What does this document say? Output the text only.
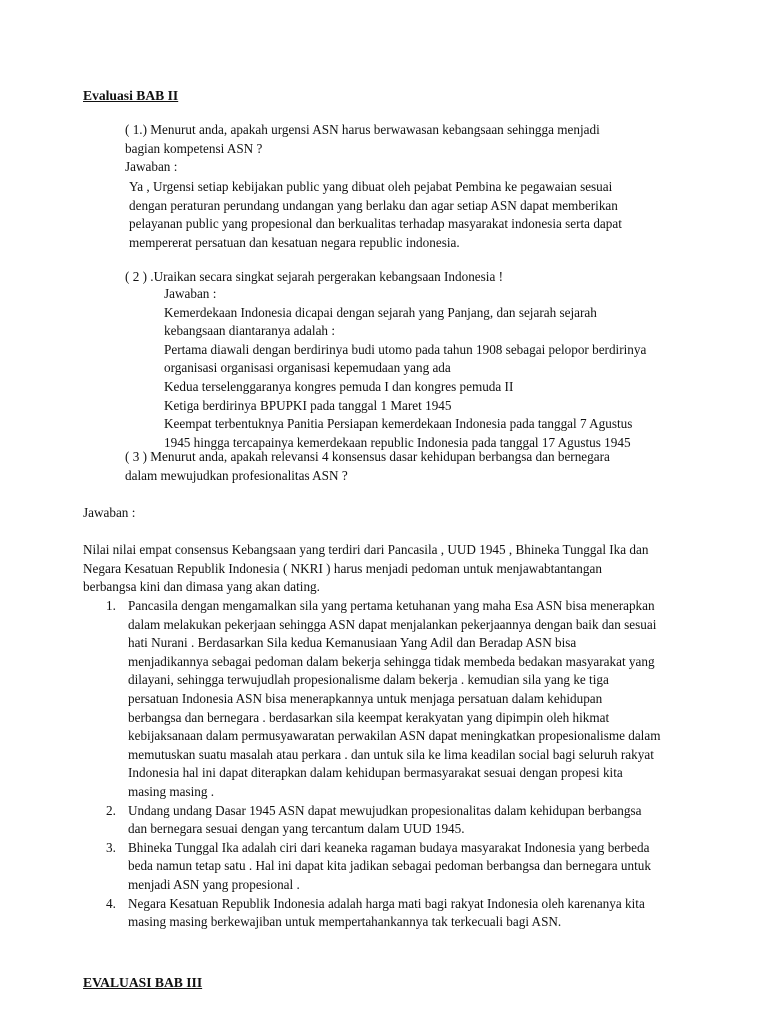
Evaluasi BAB II
( 1.) Menurut anda, apakah urgensi ASN harus berwawasan kebangsaan sehingga menjadi
bagian kompetensi ASN ?
Jawaban :
Ya , Urgensi setiap kebijakan public yang dibuat oleh pejabat Pembina ke pegawaian sesuai
dengan peraturan perundang undangan yang berlaku dan agar setiap ASN dapat memberikan
pelayanan public yang propesional dan berkualitas terhadap masyarakat indonesia serta dapat
mempererat persatuan dan kesatuan negara republic indonesia.
( 2 ) .Uraikan secara singkat sejarah pergerakan kebangsaan Indonesia !
Jawaban :
Kemerdekaan Indonesia dicapai dengan sejarah yang Panjang, dan sejarah sejarah
kebangsaan diantaranya adalah :
Pertama diawali dengan berdirinya budi utomo pada tahun 1908 sebagai pelopor berdirinya
organisasi organisasi organisasi kepemudaan yang ada
Kedua terselenggaranya kongres pemuda I dan kongres pemuda II
Ketiga berdirinya BPUPKI pada tanggal 1 Maret 1945
Keempat terbentuknya Panitia Persiapan kemerdekaan Indonesia pada tanggal 7 Agustus
1945 hingga tercapainya kemerdekaan republic Indonesia pada tanggal 17 Agustus 1945
( 3 ) Menurut anda, apakah relevansi 4 konsensus dasar kehidupan berbangsa dan bernegara
dalam mewujudkan profesionalitas ASN ?
Jawaban :
Nilai nilai empat consensus Kebangsaan yang terdiri dari Pancasila , UUD 1945 , Bhineka Tunggal Ika dan
Negara Kesatuan Republik Indonesia ( NKRI ) harus menjadi pedoman untuk menjawabtantangan
berbangsa kini dan dimasa yang akan dating.
1. Pancasila dengan mengamalkan sila yang pertama ketuhanan yang maha Esa ASN bisa menerapkan
dalam melakukan pekerjaan sehingga ASN dapat menjalankan pekerjaannya dengan baik dan sesuai
hati Nurani . Berdasarkan Sila kedua Kemanusiaan Yang Adil dan Beradap ASN bisa
menjadikannya sebagai pedoman dalam bekerja sehingga tidak membeda bedakan masyarakat yang
dilayani, sehingga terwujudlah propesionalisme dalam bekerja . kemudian sila yang ke tiga
persatuan Indonesia ASN bisa menerapkannya untuk menjaga persatuan dalam kehidupan
berbangsa dan bernegara . berdasarkan sila keempat kerakyatan yang dipimpin oleh hikmat
kebijaksanaan dalam permusyawaratan perwakilan ASN dapat meningkatkan propesionalisme dalam
memutuskan suatu masalah atau perkara . dan untuk sila ke lima keadilan social bagi seluruh rakyat
Indonesia hal ini dapat diterapkan dalam kehidupan bermasyarakat sesuai dengan propesi kita
masing masing .
2. Undang undang Dasar 1945 ASN dapat mewujudkan propesionalitas dalam kehidupan berbangsa
dan bernegara sesuai dengan yang tercantum dalam UUD 1945.
3. Bhineka Tunggal Ika adalah ciri dari keaneka ragaman budaya masyarakat Indonesia yang berbeda
beda namun tetap satu . Hal ini dapat kita jadikan sebagai pedoman berbangsa dan bernegara untuk
menjadi ASN yang propesional .
4. Negara Kesatuan Republik Indonesia adalah harga mati bagi rakyat Indonesia oleh karenanya kita
masing masing berkewajiban untuk mempertahankannya tak terkecuali bagi ASN.
EVALUASI BAB III
